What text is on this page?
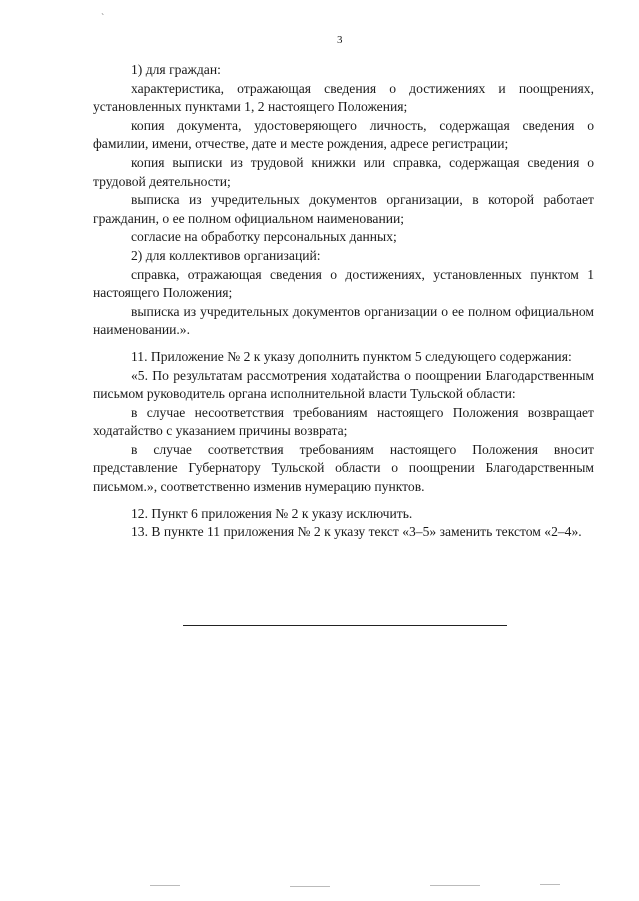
`
3

1) для граждан:

характеристика, отражающая сведения о достижениях и поощрениях, установленных пунктами 1, 2 настоящего Положения;

копия документа, удостоверяющего личность, содержащая сведения о фамилии, имени, отчестве, дате и месте рождения, адресе регистрации;

копия выписки из трудовой книжки или справка, содержащая сведения о трудовой деятельности;

выписка из учредительных документов организации, в которой работает гражданин, о ее полном официальном наименовании;

согласие на обработку персональных данных;

2) для коллективов организаций:

справка, отражающая сведения о достижениях, установленных пунктом 1 настоящего Положения;

выписка из учредительных документов организации о ее полном официальном наименовании.».

11. Приложение № 2 к указу дополнить пунктом 5 следующего содержания:

«5. По результатам рассмотрения ходатайства о поощрении Благодарственным письмом руководитель органа исполнительной власти Тульской области:

в случае несоответствия требованиям настоящего Положения возвращает ходатайство с указанием причины возврата;

в случае соответствия требованиям настоящего Положения вносит представление Губернатору Тульской области о поощрении Благодарственным письмом.», соответственно изменив нумерацию пунктов.

12. Пункт 6 приложения № 2 к указу исключить.

13. В пункте 11 приложения № 2 к указу текст «3–5» заменить текстом «2–4».
